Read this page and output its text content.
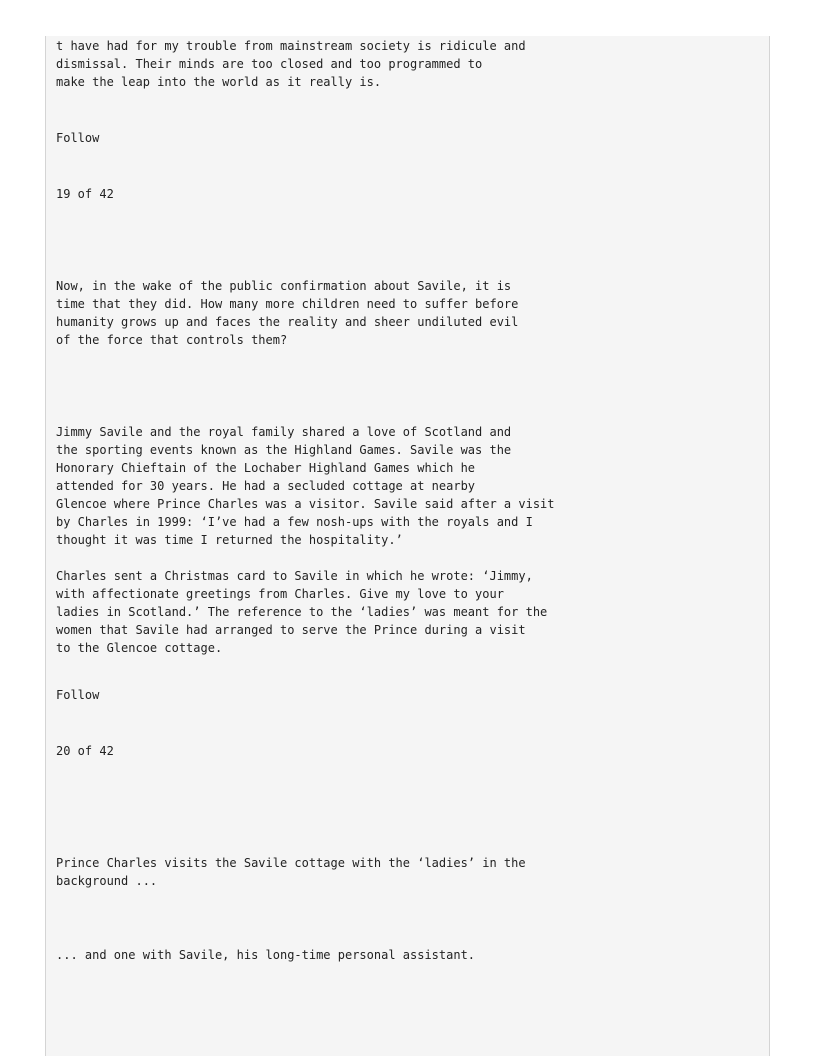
t have had for my trouble from mainstream society is ridicule and

dismissal. Their minds are too closed and too programmed to

make the leap into the world as it really is.

Follow

19 of 42

Now, in the wake of the public confirmation about Savile, it is

time that they did. How many more children need to suffer before

humanity grows up and faces the reality and sheer undiluted evil

of the force that controls them?

Jimmy Savile and the royal family shared a love of Scotland and

the sporting events known as the Highland Games. Savile was the

Honorary Chieftain of the Lochaber Highland Games which he

attended for 30 years. He had a secluded cottage at nearby

Glencoe where Prince Charles was a visitor. Savile said after a visit

by Charles in 1999: ‘I’ve had a few nosh-ups with the royals and I

thought it was time I returned the hospitality.’

Charles sent a Christmas card to Savile in which he wrote: ‘Jimmy,

with affectionate greetings from Charles. Give my love to your

ladies in Scotland.’ The reference to the ‘ladies’ was meant for the

women that Savile had arranged to serve the Prince during a visit

to the Glencoe cottage.

Follow

20 of 42

Prince Charles visits the Savile cottage with the ‘ladies’ in the

background ...

... and one with Savile, his long-time personal assistant.
